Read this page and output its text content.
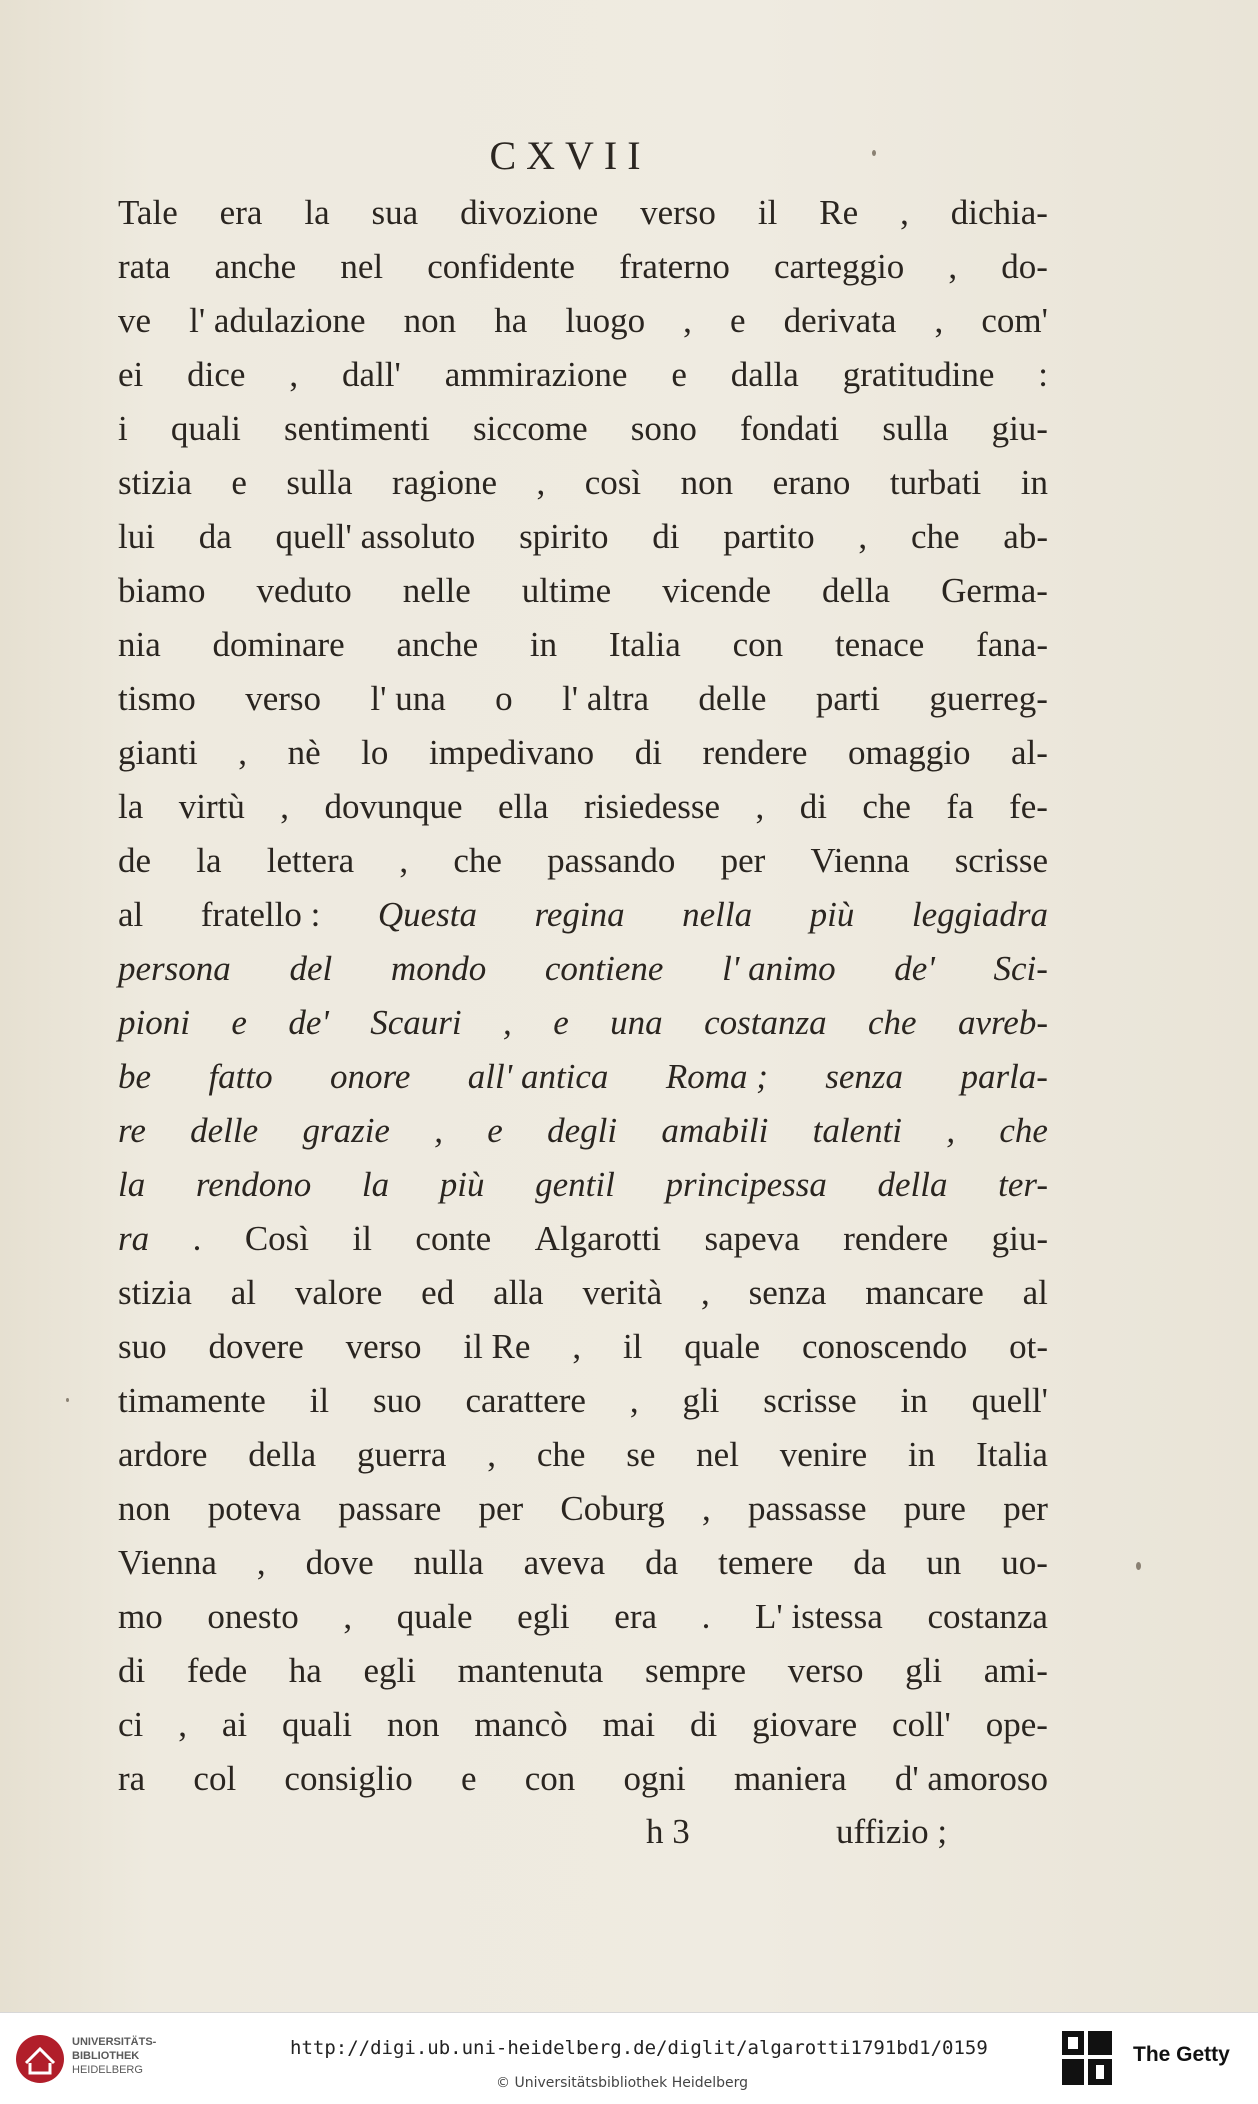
CXVII
Tale era la sua divozione verso il Re , dichia-
rata anche nel confidente fraterno carteggio , do-
ve l' adulazione non ha luogo , e derivata , com'
ei dice , dall' ammirazione e dalla gratitudine :
i quali sentimenti siccome sono fondati sulla giu-
stizia e sulla ragione , così non erano turbati in
lui da quell' assoluto spirito di partito , che ab-
biamo veduto nelle ultime vicende della Germa-
nia dominare anche in Italia con tenace fana-
tismo verso l' una o l' altra delle parti guerreg-
gianti , nè lo impedivano di rendere omaggio al-
la virtù , dovunque ella risiedesse , di che fa fe-
de la lettera , che passando per Vienna scrisse
al fratello : Questa regina nella più leggiadra
persona del mondo contiene l' animo de' Sci-
pioni e de' Scauri , e una costanza che avreb-
be fatto onore all' antica Roma ; senza parla-
re delle grazie , e degli amabili talenti , che
la rendono la più gentil principessa della ter-
ra . Così il conte Algarotti sapeva rendere giu-
stizia al valore ed alla verità , senza mancare al
suo dovere verso il Re , il quale conoscendo ot-
timamente il suo carattere , gli scrisse in quell'
ardore della guerra , che se nel venire in Italia
non poteva passare per Coburg , passasse pure per
Vienna , dove nulla aveva da temere da un uo-
mo onesto , quale egli era . L' istessa costanza
di fede ha egli mantenuta sempre verso gli ami-
ci , ai quali non mancò mai di giovare coll' ope-
ra col consiglio e con ogni maniera d' amoroso
h 3	uffizio ;
UNIVERSITÄTS-
BIBLIOTHEK
HEIDELBERG
http://digi.ub.uni-heidelberg.de/diglit/algarotti1791bd1/0159
© Universitätsbibliothek Heidelberg
The Getty
